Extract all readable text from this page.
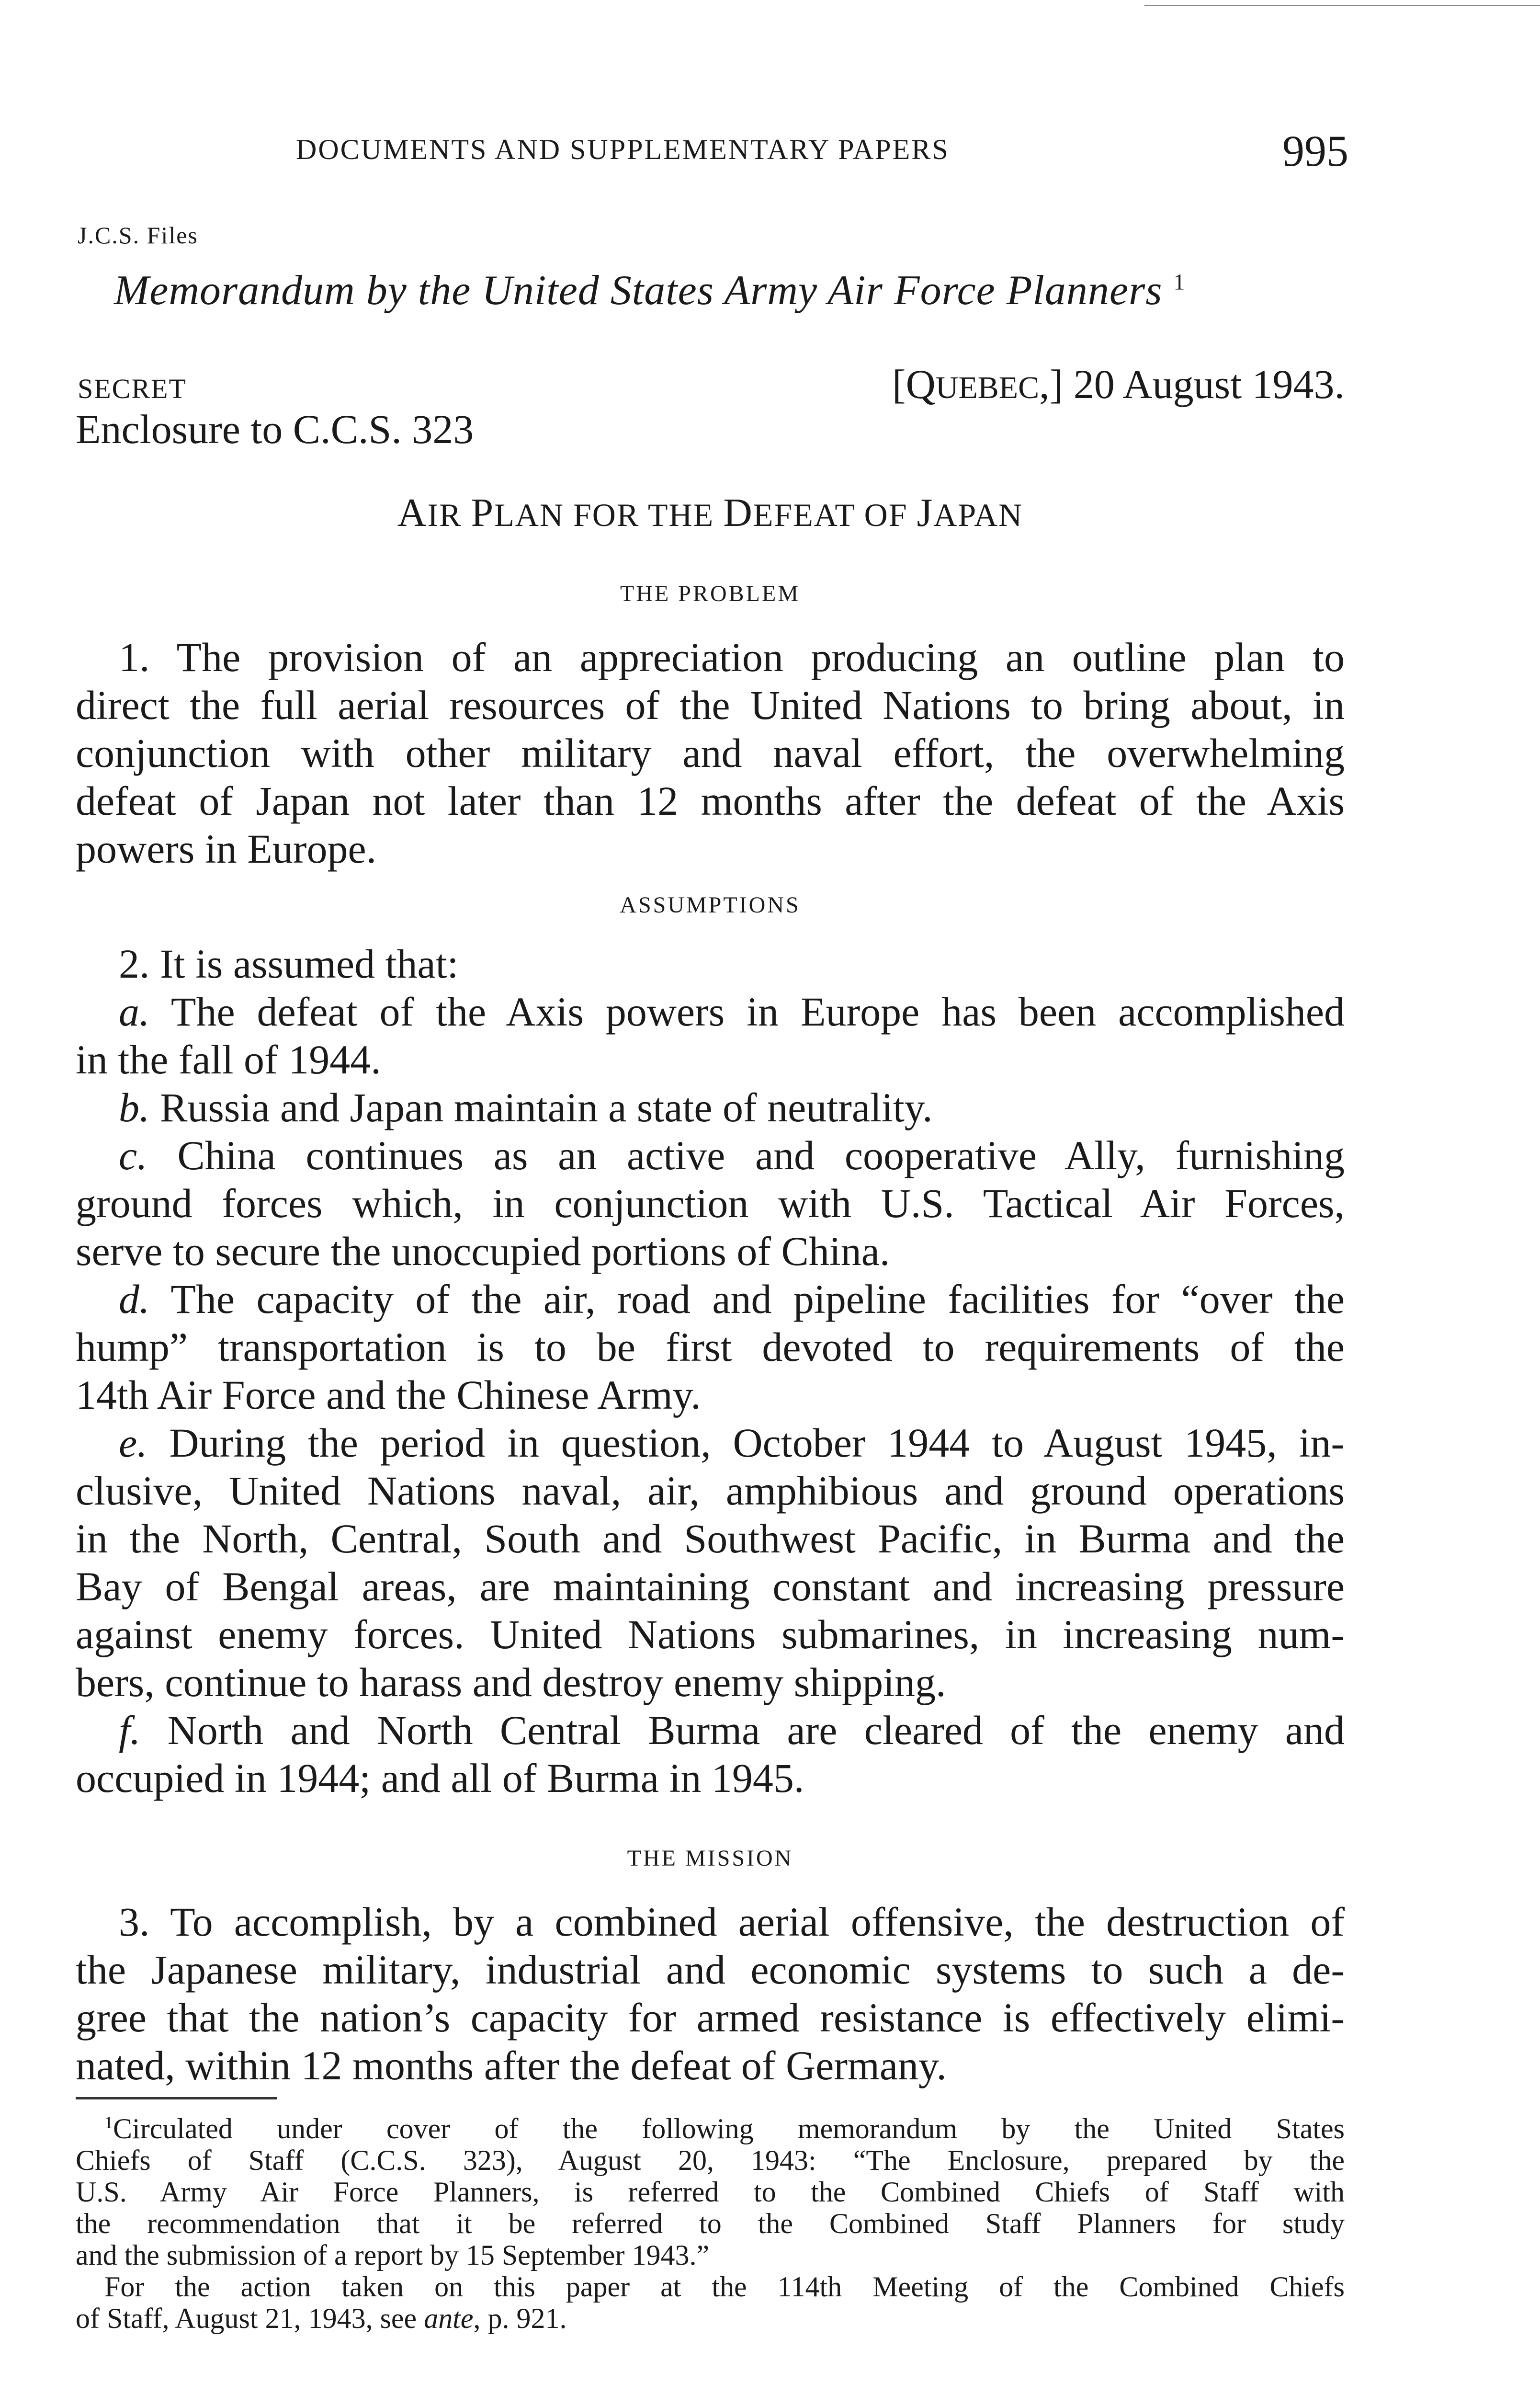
DOCUMENTS AND SUPPLEMENTARY PAPERS	995
J.C.S. Files
Memorandum by the United States Army Air Force Planners $^1$
SECRET	[QUEBEC,] 20 August 1943.
Enclosure to C.C.S. 323
AIR PLAN FOR THE DEFEAT OF JAPAN
THE PROBLEM
1. The provision of an appreciation producing an outline plan to
direct the full aerial resources of the United Nations to bring about, in
conjunction with other military and naval effort, the overwhelming
defeat of Japan not later than 12 months after the defeat of the Axis
powers in Europe.
ASSUMPTIONS
2. It is assumed that:
a. The defeat of the Axis powers in Europe has been accomplished
in the fall of 1944.
b. Russia and Japan maintain a state of neutrality.
c. China continues as an active and cooperative Ally, furnishing
ground forces which, in conjunction with U.S. Tactical Air Forces,
serve to secure the unoccupied portions of China.
d. The capacity of the air, road and pipeline facilities for “over the
hump” transportation is to be first devoted to requirements of the
14th Air Force and the Chinese Army.
e. During the period in question, October 1944 to August 1945, in-
clusive, United Nations naval, air, amphibious and ground operations
in the North, Central, South and Southwest Pacific, in Burma and the
Bay of Bengal areas, are maintaining constant and increasing pressure
against enemy forces. United Nations submarines, in increasing num-
bers, continue to harass and destroy enemy shipping.
f. North and North Central Burma are cleared of the enemy and
occupied in 1944; and all of Burma in 1945.
THE MISSION
3. To accomplish, by a combined aerial offensive, the destruction of
the Japanese military, industrial and economic systems to such a de-
gree that the nation’s capacity for armed resistance is effectively elimi-
nated, within 12 months after the defeat of Germany.
$^1$Circulated under cover of the following memorandum by the United States
Chiefs of Staff (C.C.S. 323), August 20, 1943: “The Enclosure, prepared by the
U.S. Army Air Force Planners, is referred to the Combined Chiefs of Staff with
the recommendation that it be referred to the Combined Staff Planners for study
and the submission of a report by 15 September 1943.”
For the action taken on this paper at the 114th Meeting of the Combined Chiefs
of Staff, August 21, 1943, see ante, p. 921.
